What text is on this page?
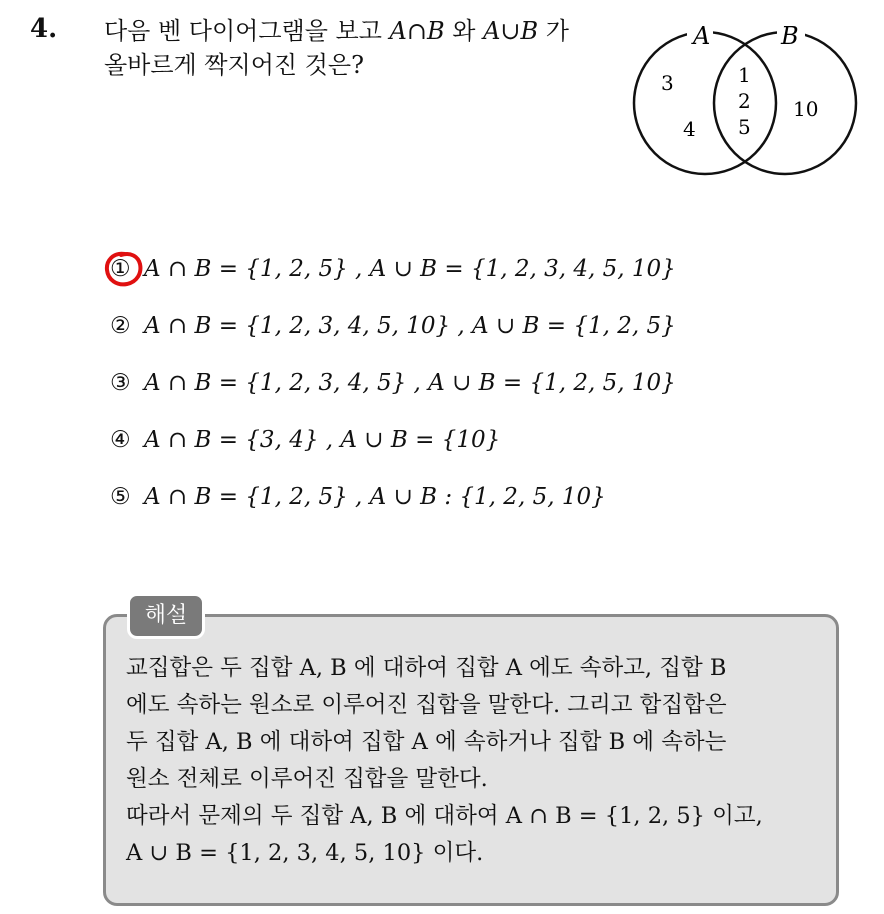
4. 다음 벤 다이어그램을 보고 A∩B 와 A∪B 가
올바르게 짝지어진 것은?
A	B
3
4
1
2
5
10
① A ∩ B = {1, 2, 5} , A ∪ B = {1, 2, 3, 4, 5, 10}
② A ∩ B = {1, 2, 3, 4, 5, 10} , A ∪ B = {1, 2, 5}
③ A ∩ B = {1, 2, 3, 4, 5} , A ∪ B = {1, 2, 5, 10}
④ A ∩ B = {3, 4} , A ∪ B = {10}
⑤ A ∩ B = {1, 2, 5} , A ∪ B : {1, 2, 5, 10}
해설

교집합은 두 집합 A, B 에 대하여 집합 A 에도 속하고, 집합 B

에도 속하는 원소로 이루어진 집합을 말한다. 그리고 합집합은

두 집합 A, B 에 대하여 집합 A 에 속하거나 집합 B 에 속하는

원소 전체로 이루어진 집합을 말한다.

따라서 문제의 두 집합 A, B 에 대하여 A ∩ B = {1, 2, 5} 이고,

A ∪ B = {1, 2, 3, 4, 5, 10} 이다.
